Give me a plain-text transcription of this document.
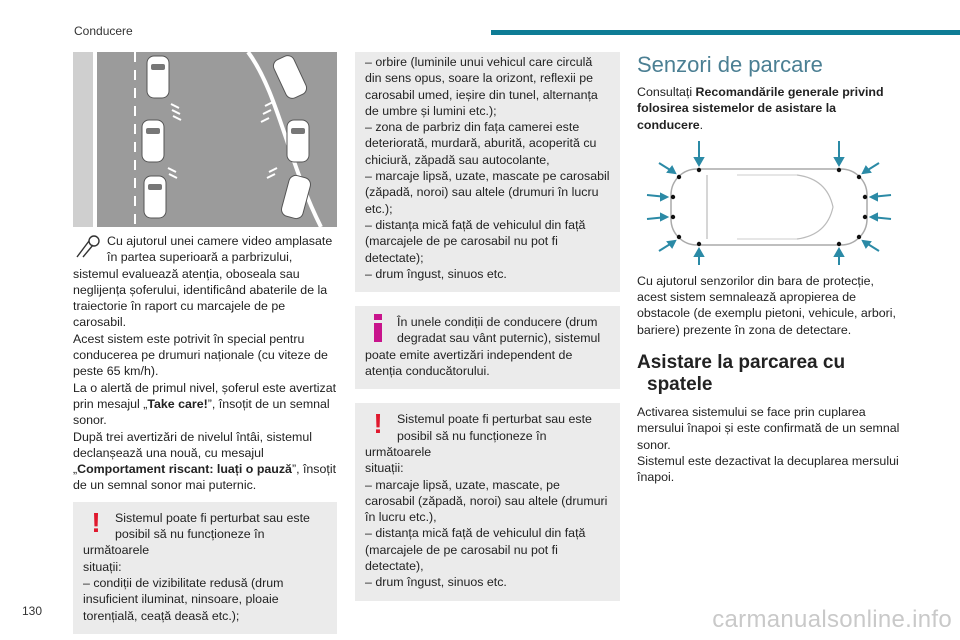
Conducere

Cu ajutorul unei camere video amplasate
în partea superioară a parbrizului,
sistemul evaluează atenția, oboseala sau neglijența șoferului, identificând abaterile de la traiectorie în raport cu marcajele de pe carosabil.

Acest sistem este potrivit în special pentru conducerea pe drumuri naționale (cu viteze de peste 65 km/h).

La o alertă de primul nivel, șoferul este avertizat prin mesajul „Take care!”, însoțit de un semnal sonor.

După trei avertizări de nivelul întâi, sistemul declanșează una nouă, cu mesajul „Comportament riscant: luați o pauză”, însoțit de un semnal sonor mai puternic.

!	Sistemul poate fi perturbat sau este
posibil să nu funcționeze în următoarele
situații:
– condiții de vizibilitate redusă (drum insuficient iluminat, ninsoare, ploaie torențială, ceață deasă etc.);
– orbire (luminile unui vehicul care circulă din sens opus, soare la orizont, reflexii pe carosabil umed, ieșire din tunel, alternanța de umbre și lumini etc.);
– zona de parbriz din fața camerei este deteriorată, murdară, aburită, acoperită cu chiciură, zăpadă sau autocolante,
– marcaje lipsă, uzate, mascate pe carosabil (zăpadă, noroi) sau altele (drumuri în lucru etc.);
– distanța mică față de vehiculul din față (marcajele de pe carosabil nu pot fi detectate);
– drum îngust, sinuos etc.
În unele condiții de conducere (drum
degradat sau vânt puternic), sistemul
poate emite avertizări independent de atenția conducătorului.
!	Sistemul poate fi perturbat sau este
posibil să nu funcționeze în următoarele
situații:
– marcaje lipsă, uzate, mascate, pe carosabil (zăpadă, noroi) sau altele (drumuri în lucru etc.),
– distanța mică față de vehiculul din față (marcajele de pe carosabil nu pot fi detectate),
– drum îngust, sinuos etc.
Senzori de parcare

Consultați Recomandările generale privind folosirea sistemelor de asistare la conducere.

Cu ajutorul senzorilor din bara de protecție, acest sistem semnalează apropierea de obstacole (de exemplu pietoni, vehicule, arbori, bariere) prezente în zona de detectare.

Asistare la parcarea cu
spatele

Activarea sistemului se face prin cuplarea mersului înapoi și este confirmată de un semnal sonor.

Sistemul este dezactivat la decuplarea mersului înapoi.

130	carmanualsonline.info
